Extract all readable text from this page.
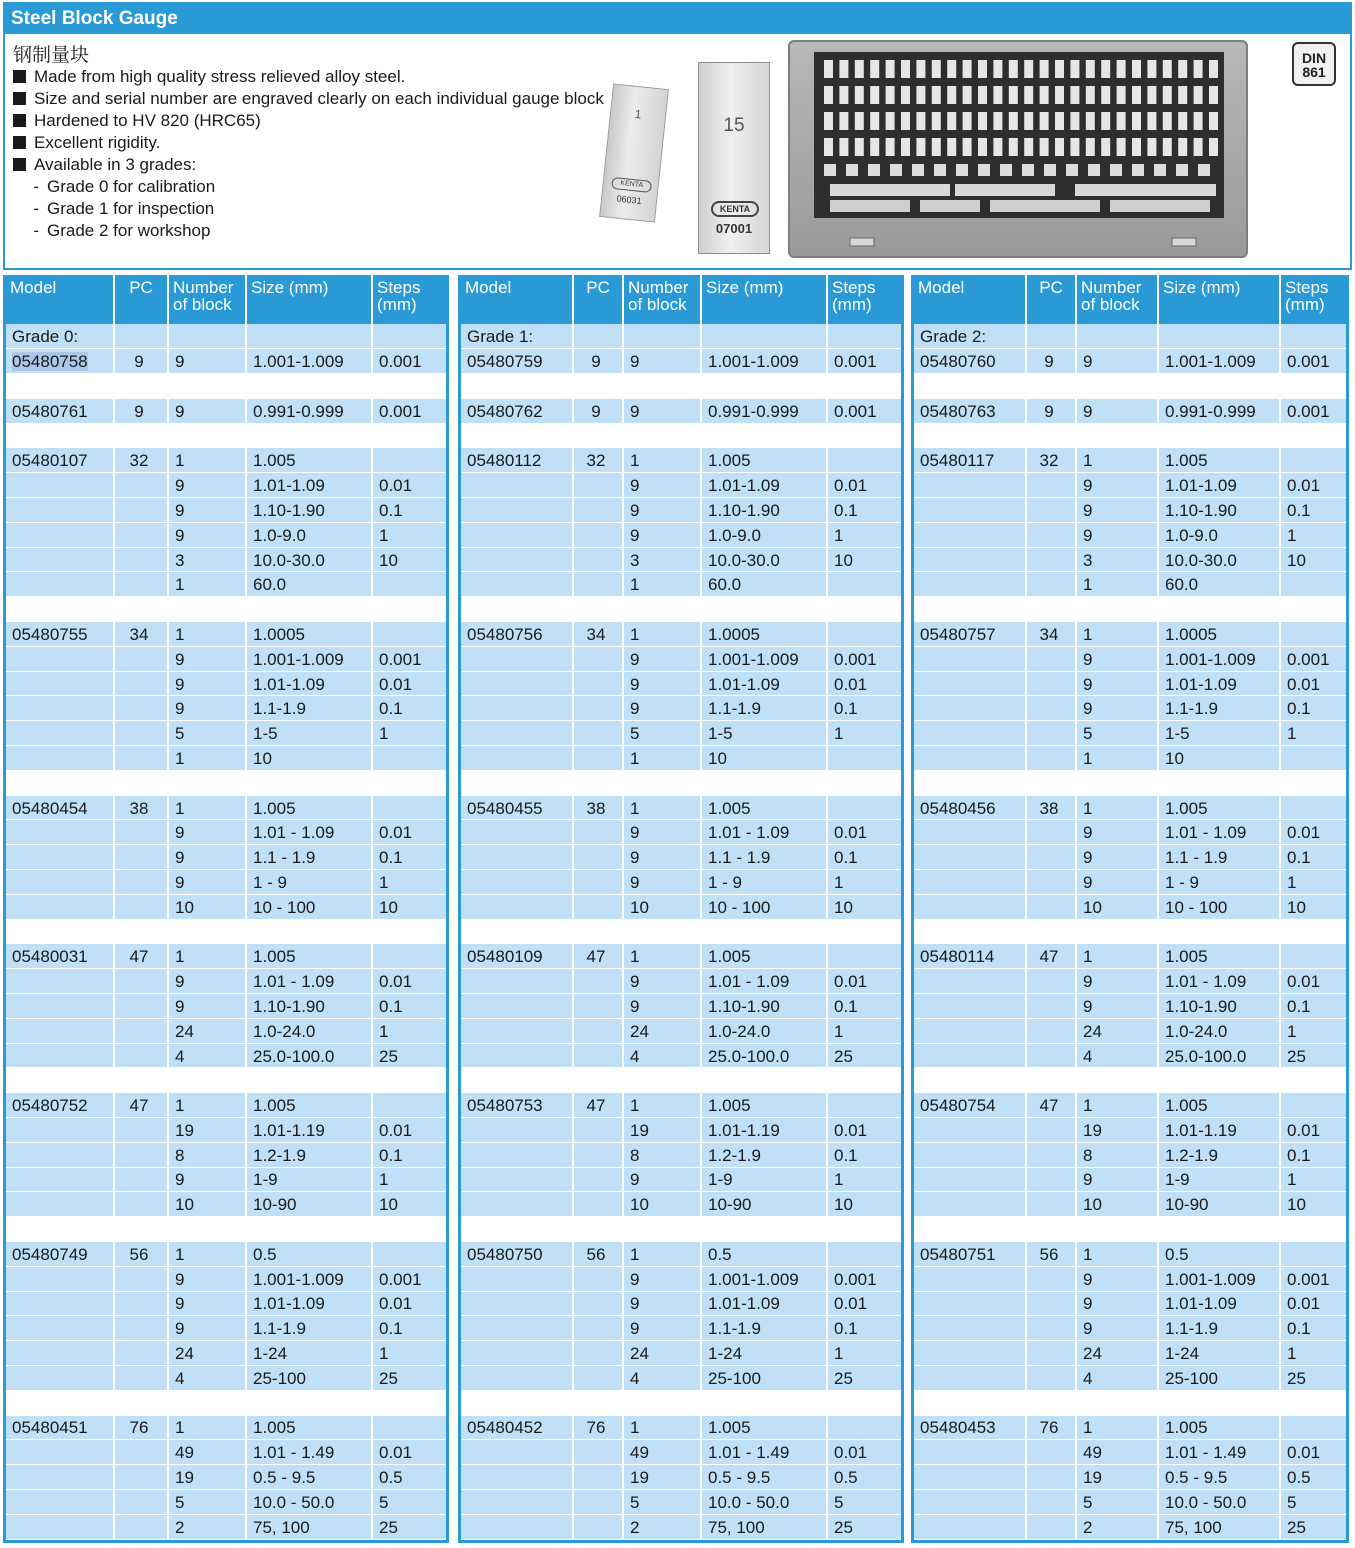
Steel Block Gauge
钢制量块
Made from high quality stress relieved alloy steel.
Size and serial number are engraved clearly on each individual gauge block
Hardened to HV 820 (HRC65)
Excellent rigidity.
Available in 3 grades:
- Grade 0 for calibration
- Grade 1 for inspection
- Grade 2 for workshop
1
KENTA
06031
15
KENTA
07001
DIN
861
Model	PC	Number of block	Size (mm)	Steps (mm)
Grade 0:				
05480758	9	9	1.001-1.009	0.001

05480761	9	9	0.991-0.999	0.001

05480107	32	1	1.005	
		9	1.01-1.09	0.01
		9	1.10-1.90	0.1
		9	1.0-9.0	1
		3	10.0-30.0	10
		1	60.0	

05480755	34	1	1.0005	
		9	1.001-1.009	0.001
		9	1.01-1.09	0.01
		9	1.1-1.9	0.1
		5	1-5	1
		1	10	

05480454	38	1	1.005	
		9	1.01 - 1.09	0.01
		9	1.1 - 1.9	0.1
		9	1 - 9	1
		10	10 - 100	10

05480031	47	1	1.005	
		9	1.01 - 1.09	0.01
		9	1.10-1.90	0.1
		24	1.0-24.0	1
		4	25.0-100.0	25

05480752	47	1	1.005	
		19	1.01-1.19	0.01
		8	1.2-1.9	0.1
		9	1-9	1
		10	10-90	10

05480749	56	1	0.5	
		9	1.001-1.009	0.001
		9	1.01-1.09	0.01
		9	1.1-1.9	0.1
		24	1-24	1
		4	25-100	25

05480451	76	1	1.005	
		49	1.01 - 1.49	0.01
		19	0.5 - 9.5	0.5
		5	10.0 - 50.0	5
		2	75, 100	25
Model	PC	Number of block	Size (mm)	Steps (mm)
Grade 1:				
05480759	9	9	1.001-1.009	0.001

05480762	9	9	0.991-0.999	0.001

05480112	32	1	1.005	
		9	1.01-1.09	0.01
		9	1.10-1.90	0.1
		9	1.0-9.0	1
		3	10.0-30.0	10
		1	60.0	

05480756	34	1	1.0005	
		9	1.001-1.009	0.001
		9	1.01-1.09	0.01
		9	1.1-1.9	0.1
		5	1-5	1
		1	10	

05480455	38	1	1.005	
		9	1.01 - 1.09	0.01
		9	1.1 - 1.9	0.1
		9	1 - 9	1
		10	10 - 100	10

05480109	47	1	1.005	
		9	1.01 - 1.09	0.01
		9	1.10-1.90	0.1
		24	1.0-24.0	1
		4	25.0-100.0	25

05480753	47	1	1.005	
		19	1.01-1.19	0.01
		8	1.2-1.9	0.1
		9	1-9	1
		10	10-90	10

05480750	56	1	0.5	
		9	1.001-1.009	0.001
		9	1.01-1.09	0.01
		9	1.1-1.9	0.1
		24	1-24	1
		4	25-100	25

05480452	76	1	1.005	
		49	1.01 - 1.49	0.01
		19	0.5 - 9.5	0.5
		5	10.0 - 50.0	5
		2	75, 100	25
Model	PC	Number of block	Size (mm)	Steps (mm)
Grade 2:				
05480760	9	9	1.001-1.009	0.001

05480763	9	9	0.991-0.999	0.001

05480117	32	1	1.005	
		9	1.01-1.09	0.01
		9	1.10-1.90	0.1
		9	1.0-9.0	1
		3	10.0-30.0	10
		1	60.0	

05480757	34	1	1.0005	
		9	1.001-1.009	0.001
		9	1.01-1.09	0.01
		9	1.1-1.9	0.1
		5	1-5	1
		1	10	

05480456	38	1	1.005	
		9	1.01 - 1.09	0.01
		9	1.1 - 1.9	0.1
		9	1 - 9	1
		10	10 - 100	10

05480114	47	1	1.005	
		9	1.01 - 1.09	0.01
		9	1.10-1.90	0.1
		24	1.0-24.0	1
		4	25.0-100.0	25

05480754	47	1	1.005	
		19	1.01-1.19	0.01
		8	1.2-1.9	0.1
		9	1-9	1
		10	10-90	10

05480751	56	1	0.5	
		9	1.001-1.009	0.001
		9	1.01-1.09	0.01
		9	1.1-1.9	0.1
		24	1-24	1
		4	25-100	25

05480453	76	1	1.005	
		49	1.01 - 1.49	0.01
		19	0.5 - 9.5	0.5
		5	10.0 - 50.0	5
		2	75, 100	25
